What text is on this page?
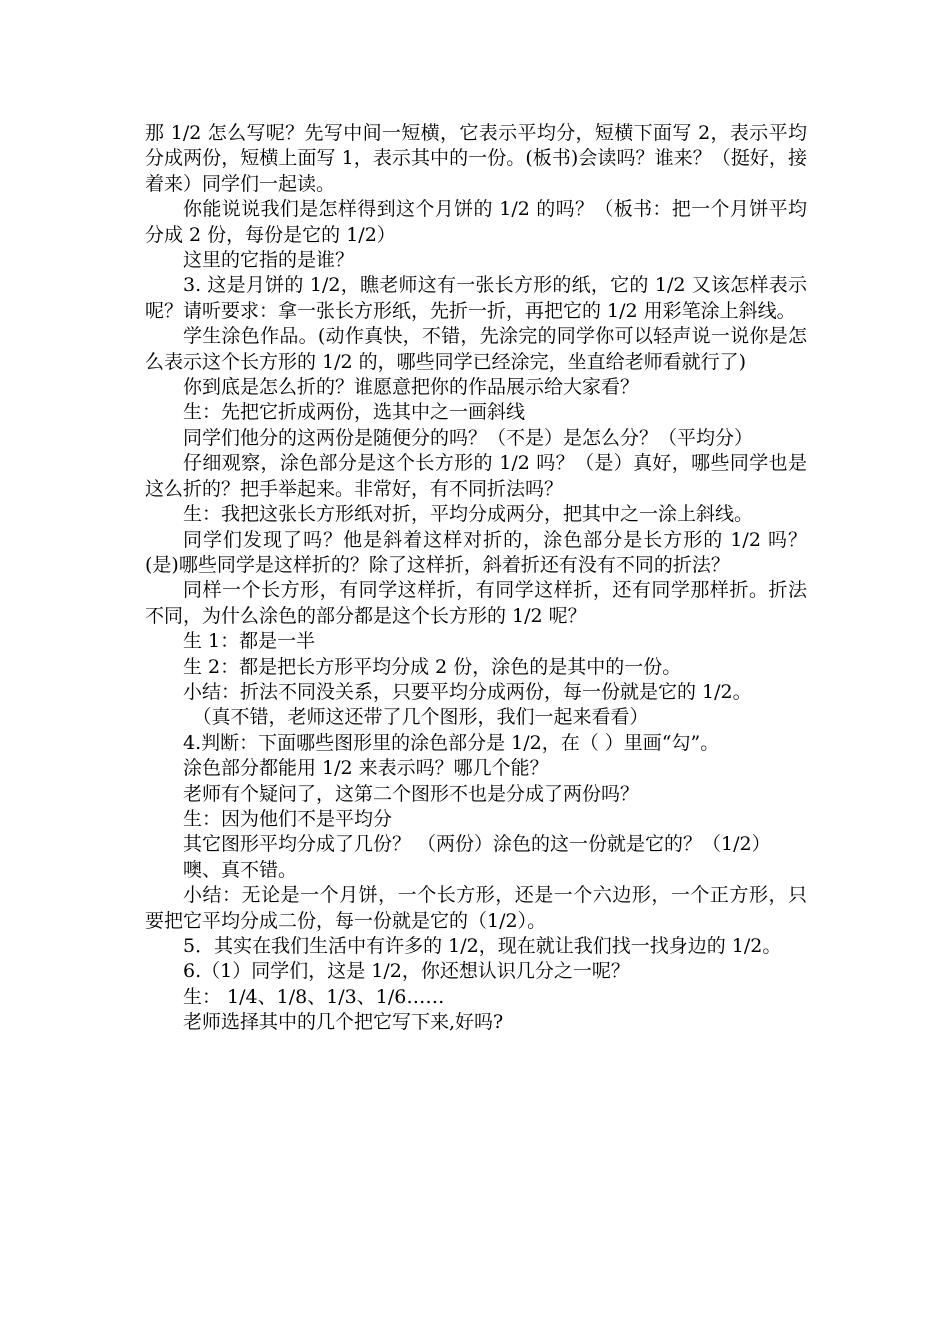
那 1/2 怎么写呢？先写中间一短横，它表示平均分，短横下面写 2，表示平均分成两份，短横上面写 1，表示其中的一份。(板书)会读吗？谁来？（挺好，接着来）同学们一起读。

你能说说我们是怎样得到这个月饼的 1/2 的吗？（板书：把一个月饼平均分成 2 份，每份是它的 1/2）

这里的它指的是谁？

3. 这是月饼的 1/2，瞧老师这有一张长方形的纸，它的 1/2 又该怎样表示呢？请听要求：拿一张长方形纸，先折一折，再把它的 1/2 用彩笔涂上斜线。

学生涂色作品。(动作真快，不错，先涂完的同学你可以轻声说一说你是怎么表示这个长方形的 1/2 的，哪些同学已经涂完，坐直给老师看就行了)

你到底是怎么折的？谁愿意把你的作品展示给大家看？

生：先把它折成两份，选其中之一画斜线

同学们他分的这两份是随便分的吗？（不是）是怎么分？（平均分）

仔细观察，涂色部分是这个长方形的 1/2 吗？（是）真好，哪些同学也是这么折的？把手举起来。非常好，有不同折法吗？

生：我把这张长方形纸对折，平均分成两分，把其中之一涂上斜线。

同学们发现了吗？他是斜着这样对折的，涂色部分是长方形的 1/2 吗？(是)哪些同学是这样折的？除了这样折，斜着折还有没有不同的折法？

同样一个长方形，有同学这样折，有同学这样折，还有同学那样折。折法不同，为什么涂色的部分都是这个长方形的 1/2 呢？

生 1：都是一半

生 2：都是把长方形平均分成 2 份，涂色的是其中的一份。

小结：折法不同没关系，只要平均分成两份，每一份就是它的 1/2。

（真不错，老师这还带了几个图形，我们一起来看看）

4.判断：下面哪些图形里的涂色部分是 1/2，在（ ）里画“勾”。

涂色部分都能用 1/2 来表示吗？哪几个能？

老师有个疑问了，这第二个图形不也是分成了两份吗？

生：因为他们不是平均分

其它图形平均分成了几份？ （两份）涂色的这一份就是它的？（1/2）

噢、真不错。

小结：无论是一个月饼，一个长方形，还是一个六边形，一个正方形，只要把它平均分成二份，每一份就是它的（1/2）。

5．其实在我们生活中有许多的 1/2，现在就让我们找一找身边的 1/2。

6.（1）同学们，这是 1/2，你还想认识几分之一呢？

生： 1/4、1/8、1/3、1/6……

老师选择其中的几个把它写下来,好吗?
